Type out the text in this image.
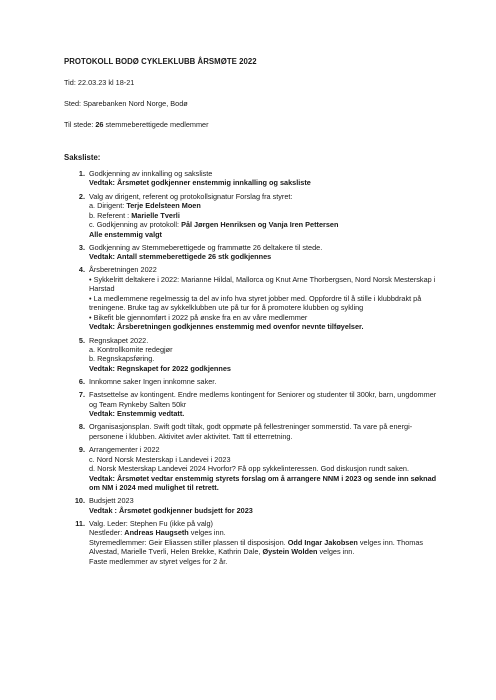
PROTOKOLL BODØ CYKLEKLUBB ÅRSMØTE 2022
Tid: 22.03.23 kl 18-21
Sted: Sparebanken Nord Norge, Bodø
Til stede: 26 stemmeberettigede medlemmer
Saksliste:
1. Godkjenning av innkalling og saksliste
Vedtak: Årsmøtet godkjenner enstemmig innkalling og saksliste
2. Valg av dirigent, referent og protokollsignatur Forslag fra styret:
a. Dirigent: Terje Edelsteen Moen
b. Referent : Marielle Tverli
c. Godkjenning av protokoll: Pål Jørgen Henriksen og Vanja Iren Pettersen
Alle enstemmig valgt
3. Godkjenning av Stemmeberettigede og frammøtte 26 deltakere til stede.
Vedtak: Antall stemmeberettigede 26 stk godkjennes
4. Årsberetningen 2022
• Sykkelritt deltakere i 2022: Marianne Hildal, Mallorca og Knut Arne Thorbergsen, Nord Norsk Mesterskap i Harstad
• La medlemmene regelmessig ta del av info hva styret jobber med. Oppfordre til å stille i klubbdrakt på treningene. Bruke tag av sykkelklubben ute på tur for å promotere klubben og sykling
• Bikefit ble gjennomført i 2022 på ønske fra en av våre medlemmer
Vedtak: Årsberetningen godkjennes enstemmig med ovenfor nevnte tilføyelser.
5. Regnskapet 2022.
a. Kontrollkomite redegjør
b. Regnskapsføring.
Vedtak: Regnskapet for 2022 godkjennes
6. Innkomne saker Ingen innkomne saker.
7. Fastsettelse av kontingent. Endre medlems kontingent for Seniorer og studenter til 300kr, barn, ungdommer og Team Rynkeby Salten 50kr
Vedtak: Enstemmig vedtatt.
8. Organisasjonsplan. Swift godt tiltak, godt oppmøte på fellestreninger sommerstid. Ta vare på energi-personene i klubben. Aktivitet avler aktivitet. Tatt til etterretning.
9. Arrangementer i 2022
c. Nord Norsk Mesterskap i Landevei i 2023
d. Norsk Mesterskap Landevei 2024 Hvorfor? Få opp sykkelinteressen. God diskusjon rundt saken.
Vedtak: Årsmøtet vedtar enstemmig styrets forslag om å arrangere NNM i 2023 og sende inn søknad om NM i 2024 med mulighet til retrett.
10. Budsjett 2023
Vedtak : Årsmøtet godkjenner budsjett for 2023
11. Valg. Leder: Stephen Fu (ikke på valg)
Nestleder: Andreas Haugseth velges inn.
Styremedlemmer: Geir Eliassen stiller plassen til disposisjon. Odd Ingar Jakobsen velges inn. Thomas Alvestad, Marielle Tverli, Helen Brekke, Kathrin Dale, Øystein Wolden velges inn.
Faste medlemmer av styret velges for 2 år.
